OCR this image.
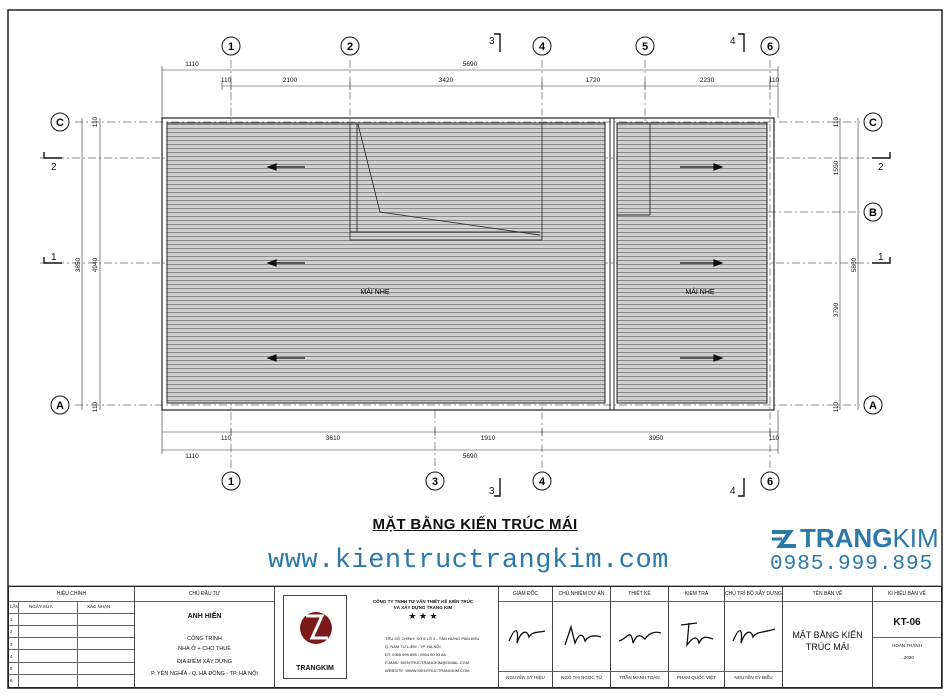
MÁI NHẸ	MÁI NHẸ
1110	5690
110	2100	3420	1720	2230	110
110	3610	1910	3950	110
1110	5690
110
4940
3850
110
110
1550
5860
3790
110
1	2	4	5	6
1	3	4	6
C	C
B
A	A
3
3
4
4
2	2
1	1
MẶT BẰNG KIẾN TRÚC MÁI
www.kientructrangkim.com
TRANGKIM
0985.999.895
HIỆU CHỈNH
LẦN NGÀY SỬA	XÁC NHẬN
1
2
3
4
5
6
CHỦ ĐẦU TƯ
ANH HIẾN
CÔNG TRÌNH
NHÀ Ở + CHO THUÊ
ĐỊA ĐIỂM XÂY DỰNG
P. YÊN NGHĨA - Q. HÀ ĐÔNG - TP. HÀ NỘI
TRANGKIM
CÔNG TY TNHH TƯ VẤN THIẾT KẾ KIẾN TRÚC
VÀ XÂY DỰNG TRANG KIM
★ ★ ★
TRỤ SỞ CHÍNH: SỐ 6 LÔ 4 - TÂN HƯNG PAM KHU
Q. NAM TỪ LIÊM - TP. HÀ NỘI
ĐT: 0985 999 895 - 0904 90 03 88
E-MAIL: KIENTRUCTRANGKIM@GMAIL.COM
WEBSITE: WWW.KIENTRUCTRANGKIM.COM
GIÁM ĐỐC
NGUYỄN SỸ HIỆU
CHỦ NHIỆM DỰ ÁN
NGÔ THỊ NGỌC TÚ
THIẾT KẾ
TRẦN MẠNH TOÀN
KIỂM TRA
PHẠM QUỐC VIỆT
CHỦ TRÌ BỘ XÂY DỰNG
NGUYỄN SỸ BIỂU
TÊN BẢN VẼ
MẶT BẰNG KIẾN TRÚC MÁI
KÍ HIỆU BẢN VẼ
KT-06
HOÀN THÀNH
...2020
